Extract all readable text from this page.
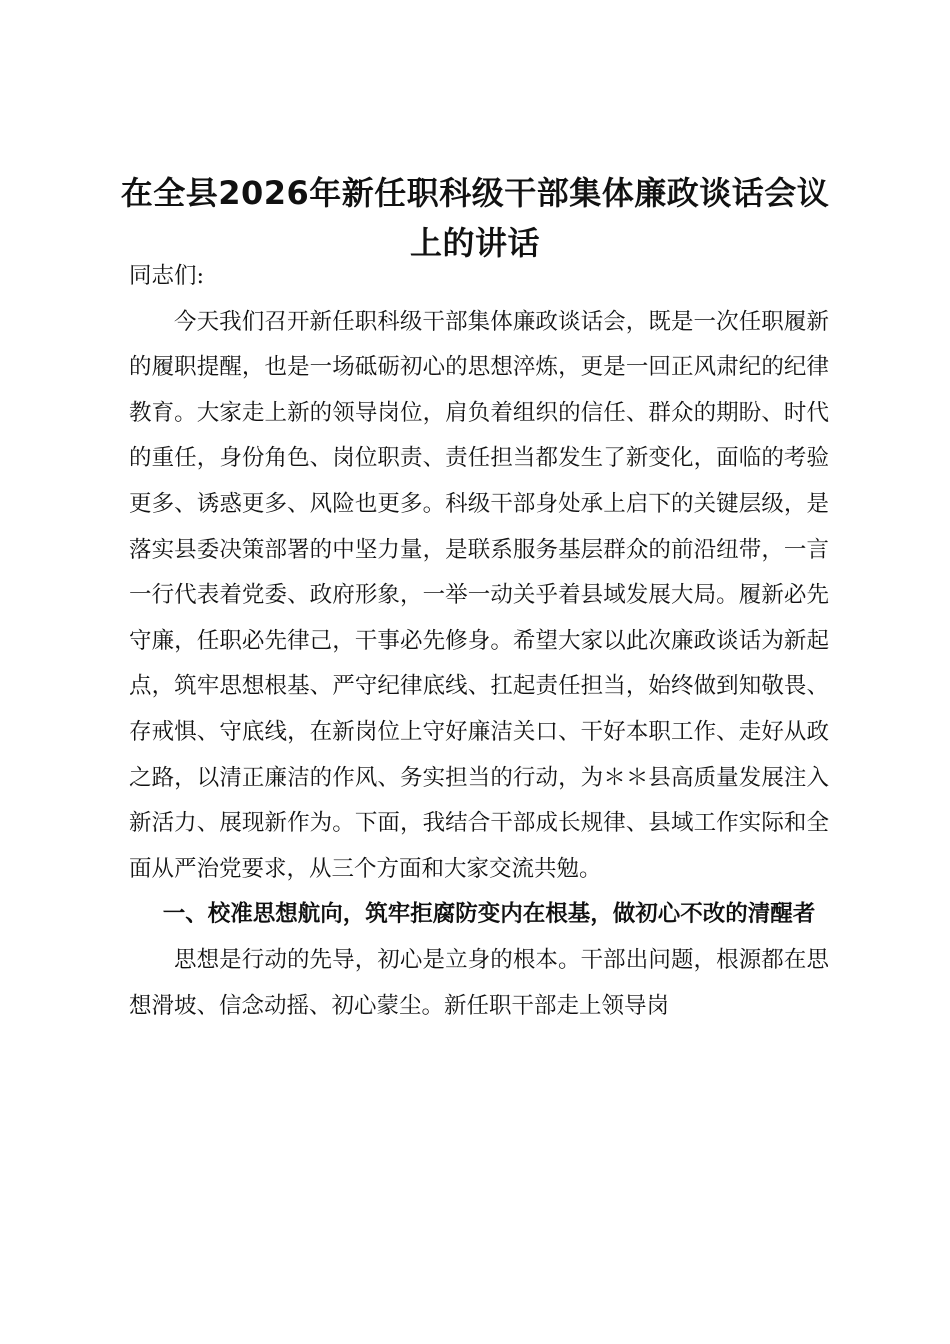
在全县2026年新任职科级干部集体廉政谈话会议上的讲话

同志们:

今天我们召开新任职科级干部集体廉政谈话会，既是一次任职履新的履职提醒，也是一场砥砺初心的思想淬炼，更是一回正风肃纪的纪律教育。大家走上新的领导岗位，肩负着组织的信任、群众的期盼、时代的重任，身份角色、岗位职责、责任担当都发生了新变化，面临的考验更多、诱惑更多、风险也更多。科级干部身处承上启下的关键层级，是落实县委决策部署的中坚力量，是联系服务基层群众的前沿纽带，一言一行代表着党委、政府形象，一举一动关乎着县域发展大局。履新必先守廉，任职必先律己，干事必先修身。希望大家以此次廉政谈话为新起点，筑牢思想根基、严守纪律底线、扛起责任担当，始终做到知敬畏、存戒惧、守底线，在新岗位上守好廉洁关口、干好本职工作、走好从政之路，以清正廉洁的作风、务实担当的行动，为＊＊县高质量发展注入新活力、展现新作为。下面，我结合干部成长规律、县域工作实际和全面从严治党要求，从三个方面和大家交流共勉。

一、校准思想航向，筑牢拒腐防变内在根基，做初心不改的清醒者

思想是行动的先导，初心是立身的根本。干部出问题，根源都在思想滑坡、信念动摇、初心蒙尘。新任职干部走上领导岗
